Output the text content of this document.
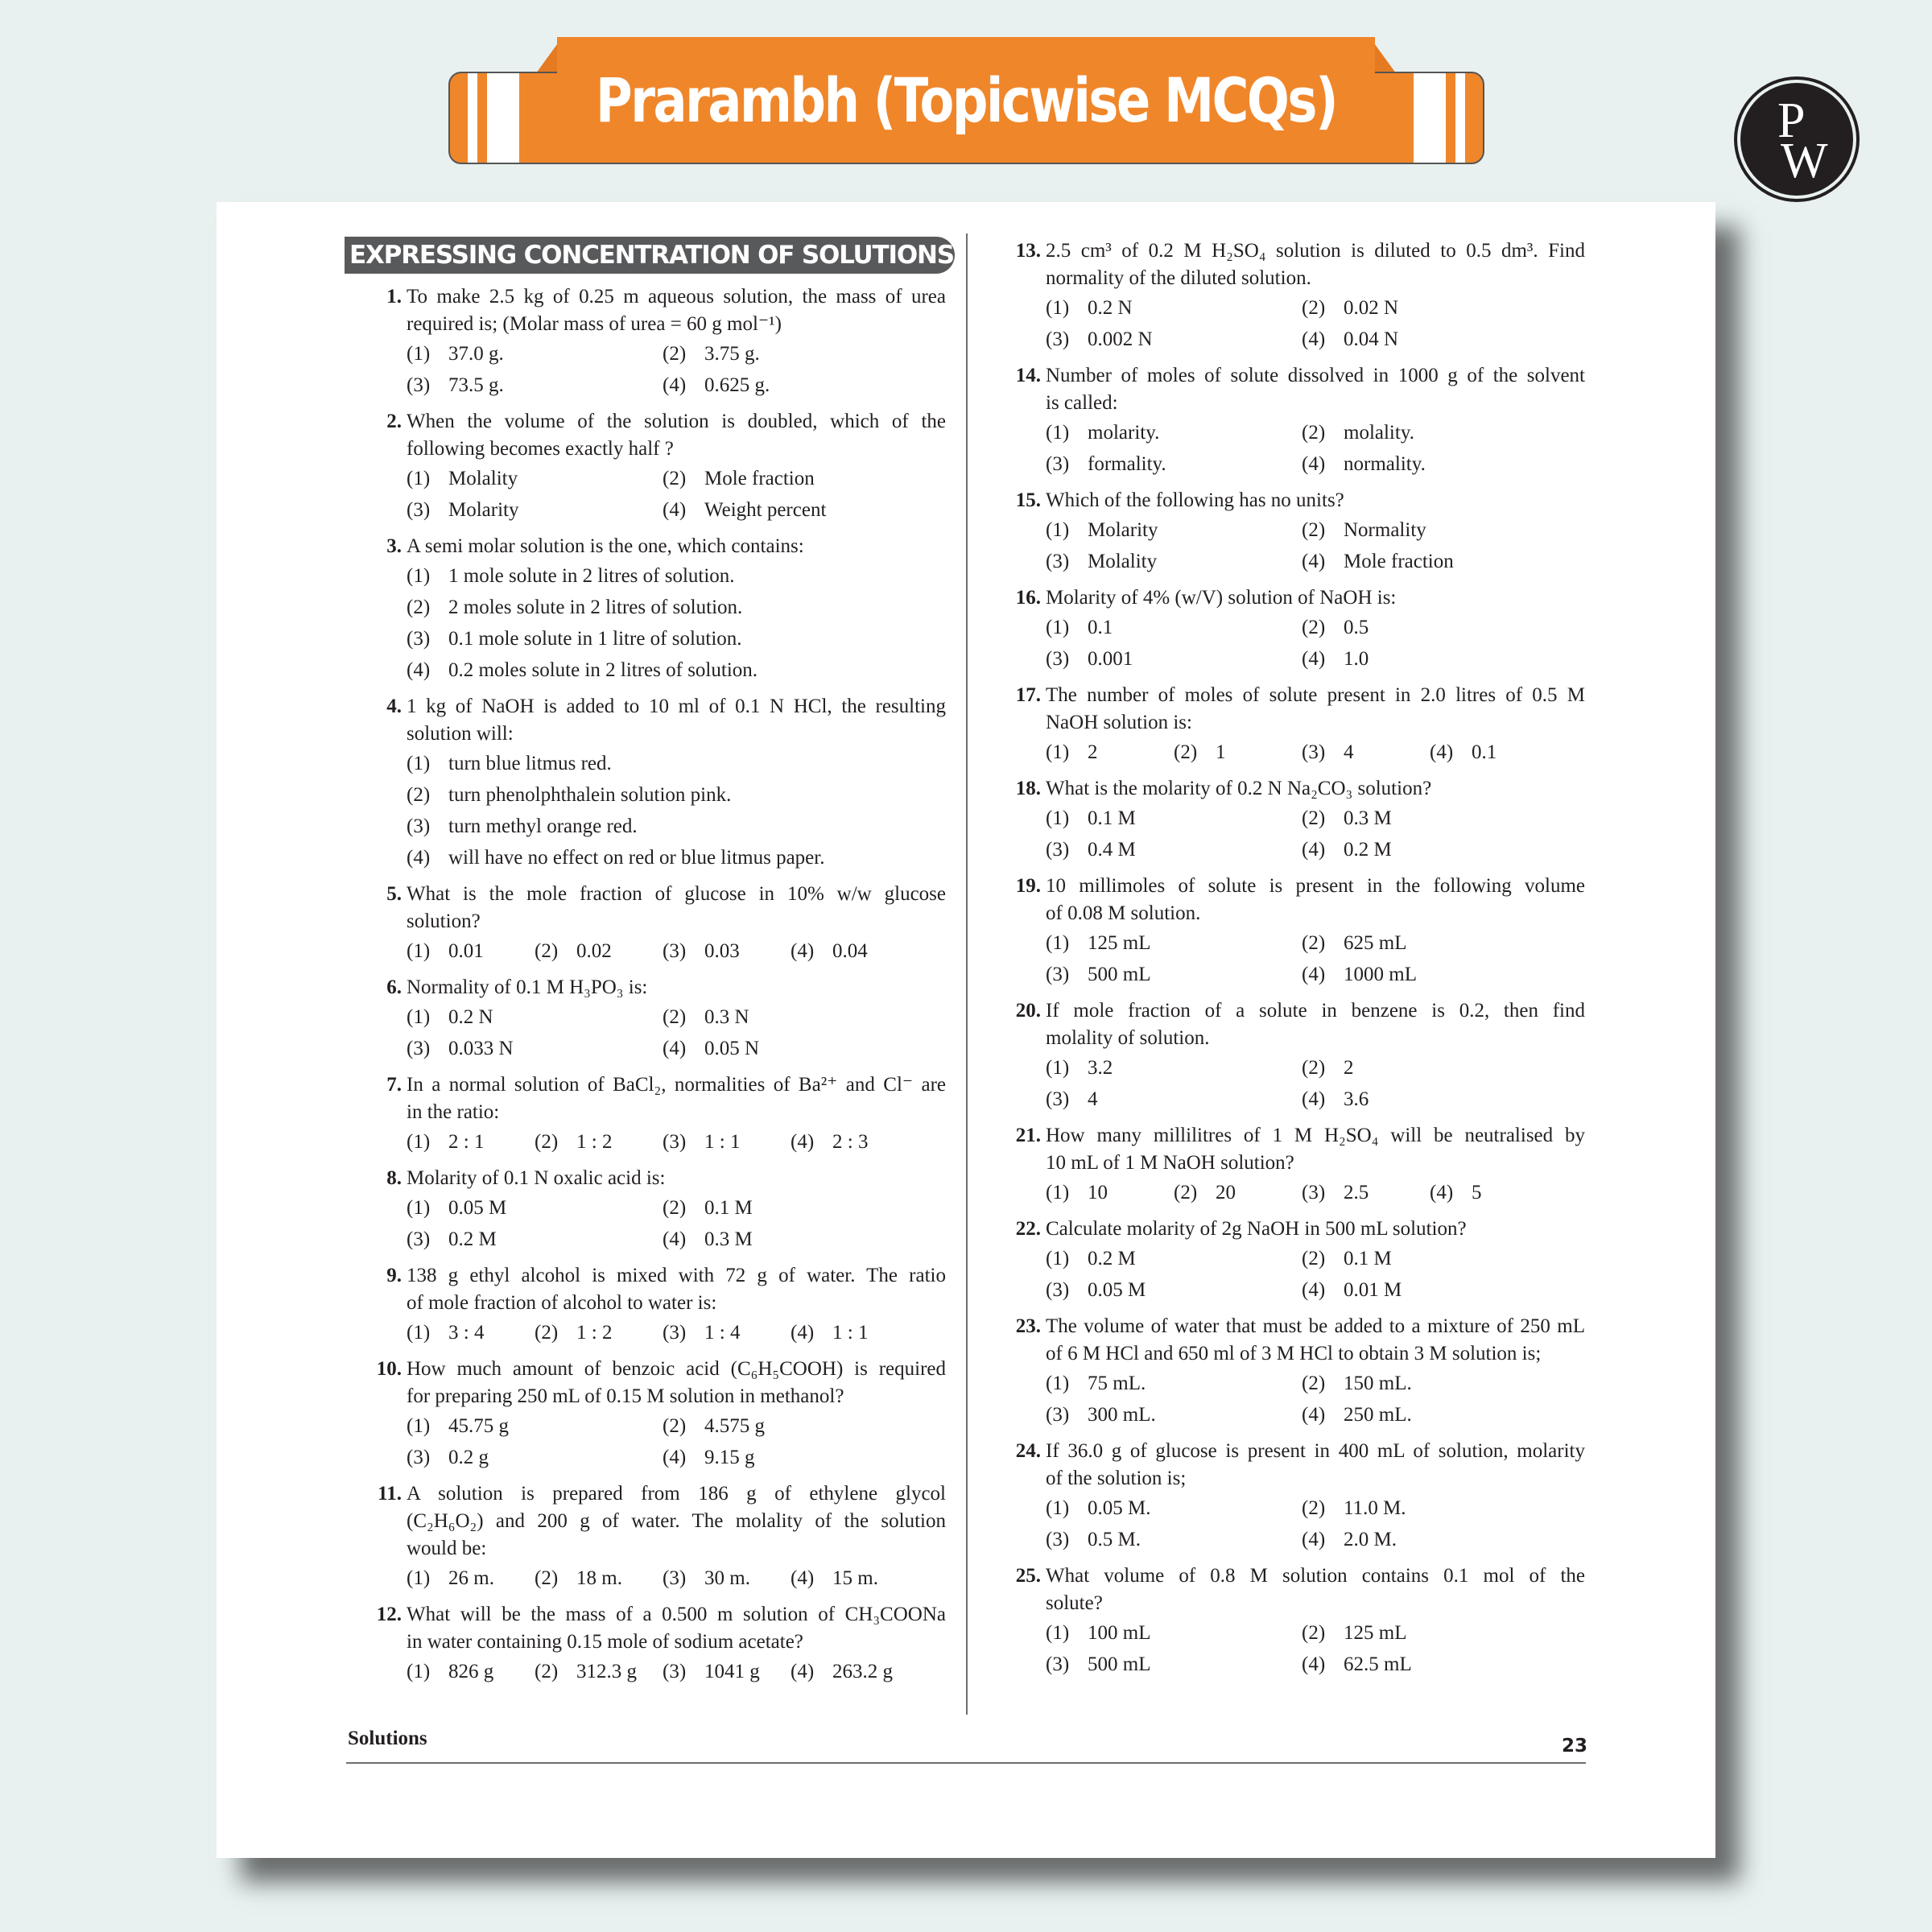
Prarambh (Topicwise MCQs)	P
W
EXPRESSING CONCENTRATION OF SOLUTIONS
1. To make 2.5 kg of 0.25 m aqueous solution, the mass of urea
required is; (Molar mass of urea = 60 g mol⁻¹)
(1) 37.0 g.	(2) 3.75 g.
(3) 73.5 g.	(4) 0.625 g.
2. When the volume of the solution is doubled, which of the
following becomes exactly half ?
(1) Molality	(2) Mole fraction
(3) Molarity	(4) Weight percent
3. A semi molar solution is the one, which contains:
(1) 1 mole solute in 2 litres of solution.
(2) 2 moles solute in 2 litres of solution.
(3) 0.1 mole solute in 1 litre of solution.
(4) 0.2 moles solute in 2 litres of solution.
4. 1 kg of NaOH is added to 10 ml of 0.1 N HCl, the resulting
solution will:
(1) turn blue litmus red.
(2) turn phenolphthalein solution pink.
(3) turn methyl orange red.
(4) will have no effect on red or blue litmus paper.
5. What is the mole fraction of glucose in 10% w/w glucose
solution?
(1) 0.01	(2) 0.02	(3) 0.03	(4) 0.04
6. Normality of 0.1 M H₃PO₃ is:
(1) 0.2 N	(2) 0.3 N
(3) 0.033 N	(4) 0.05 N
7. In a normal solution of BaCl₂, normalities of Ba²⁺ and Cl⁻ are
in the ratio:
(1) 2 : 1	(2) 1 : 2	(3) 1 : 1	(4) 2 : 3
8. Molarity of 0.1 N oxalic acid is:
(1) 0.05 M	(2) 0.1 M
(3) 0.2 M	(4) 0.3 M
9. 138 g ethyl alcohol is mixed with 72 g of water. The ratio
of mole fraction of alcohol to water is:
(1) 3 : 4	(2) 1 : 2	(3) 1 : 4	(4) 1 : 1
10. How much amount of benzoic acid (C₆H₅COOH) is required
for preparing 250 mL of 0.15 M solution in methanol?
(1) 45.75 g	(2) 4.575 g
(3) 0.2 g	(4) 9.15 g
11. A solution is prepared from 186 g of ethylene glycol
(C₂H₆O₂) and 200 g of water. The molality of the solution
would be:
(1) 26 m.	(2) 18 m.	(3) 30 m.	(4) 15 m.
12. What will be the mass of a 0.500 m solution of CH₃COONa
in water containing 0.15 mole of sodium acetate?
(1) 826 g	(2) 312.3 g	(3) 1041 g	(4) 263.2 g
13. 2.5 cm³ of 0.2 M H₂SO₄ solution is diluted to 0.5 dm³. Find
normality of the diluted solution.
(1) 0.2 N	(2) 0.02 N
(3) 0.002 N	(4) 0.04 N
14. Number of moles of solute dissolved in 1000 g of the solvent
is called:
(1) molarity.	(2) molality.
(3) formality.	(4) normality.
15. Which of the following has no units?
(1) Molarity	(2) Normality
(3) Molality	(4) Mole fraction
16. Molarity of 4% (w/V) solution of NaOH is:
(1) 0.1	(2) 0.5
(3) 0.001	(4) 1.0
17. The number of moles of solute present in 2.0 litres of 0.5 M
NaOH solution is:
(1) 2	(2) 1	(3) 4	(4) 0.1
18. What is the molarity of 0.2 N Na₂CO₃ solution?
(1) 0.1 M	(2) 0.3 M
(3) 0.4 M	(4) 0.2 M
19. 10 millimoles of solute is present in the following volume
of 0.08 M solution.
(1) 125 mL	(2) 625 mL
(3) 500 mL	(4) 1000 mL
20. If mole fraction of a solute in benzene is 0.2, then find
molality of solution.
(1) 3.2	(2) 2
(3) 4	(4) 3.6
21. How many millilitres of 1 M H₂SO₄ will be neutralised by
10 mL of 1 M NaOH solution?
(1) 10	(2) 20	(3) 2.5	(4) 5
22. Calculate molarity of 2g NaOH in 500 mL solution?
(1) 0.2 M	(2) 0.1 M
(3) 0.05 M	(4) 0.01 M
23. The volume of water that must be added to a mixture of 250 mL
of 6 M HCl and 650 ml of 3 M HCl to obtain 3 M solution is;
(1) 75 mL.	(2) 150 mL.
(3) 300 mL.	(4) 250 mL.
24. If 36.0 g of glucose is present in 400 mL of solution, molarity
of the solution is;
(1) 0.05 M.	(2) 11.0 M.
(3) 0.5 M.	(4) 2.0 M.
25. What volume of 0.8 M solution contains 0.1 mol of the
solute?
(1) 100 mL	(2) 125 mL
(3) 500 mL	(4) 62.5 mL
Solutions	23
